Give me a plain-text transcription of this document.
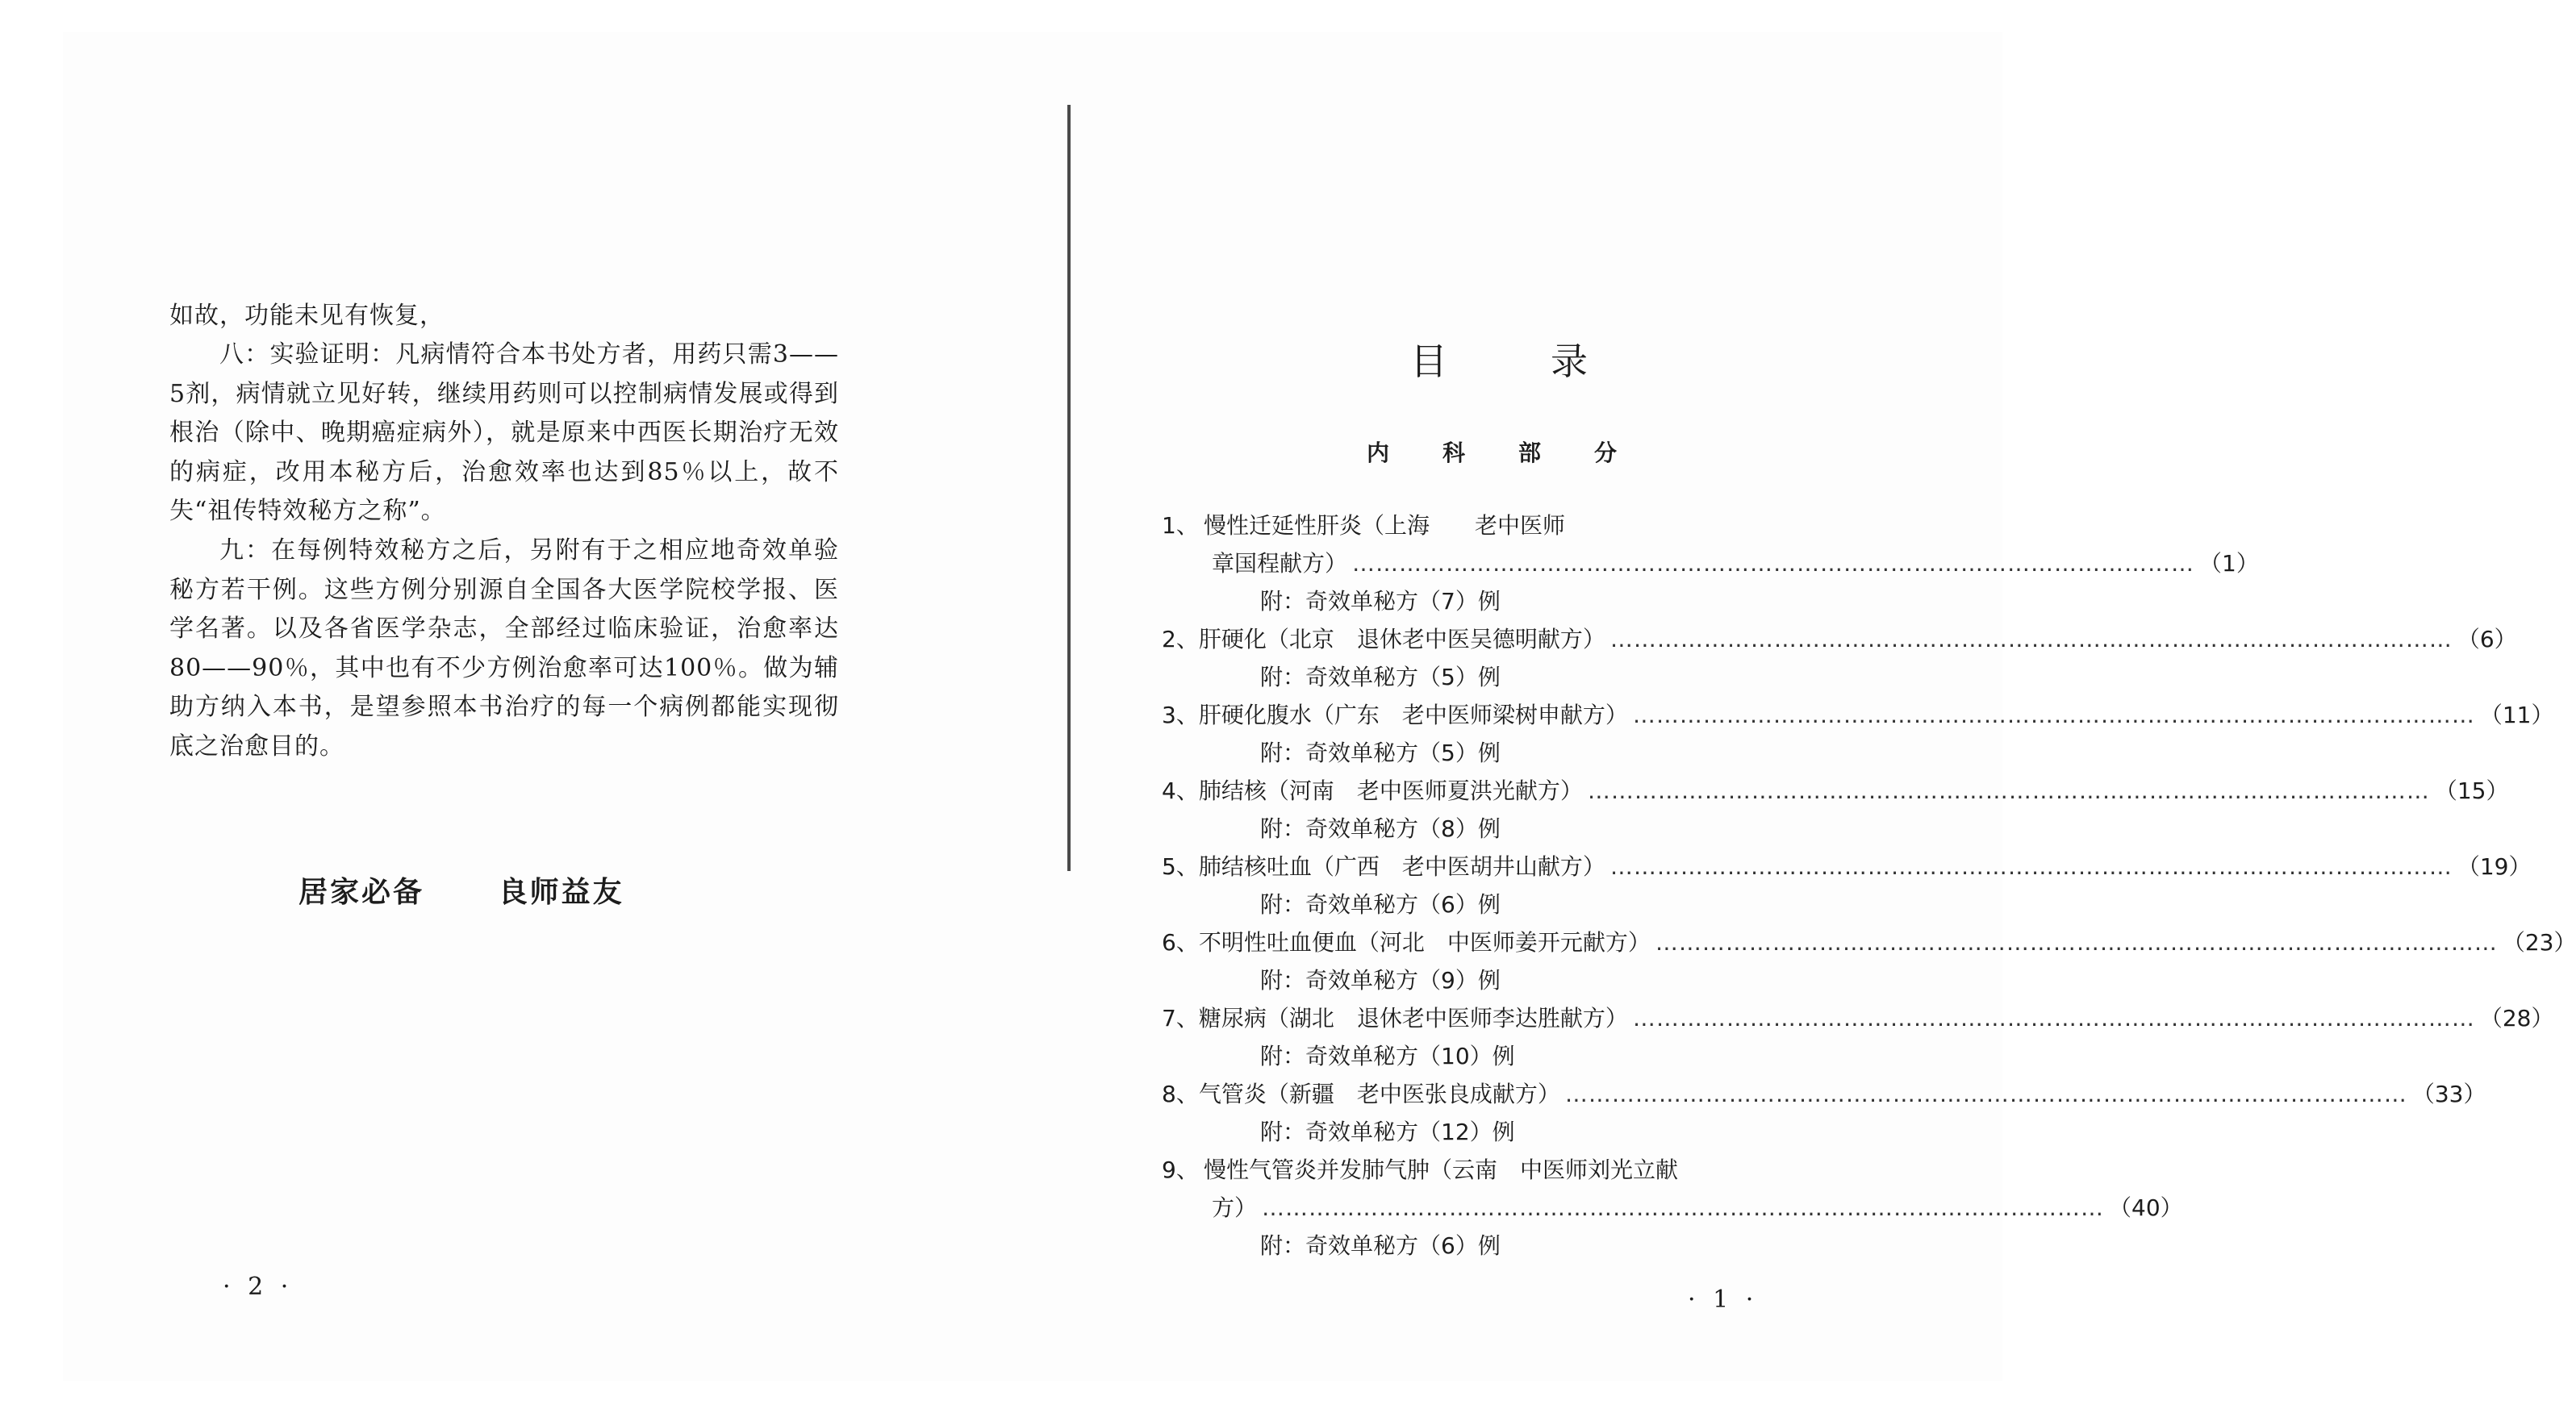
如故，功能未见有恢复，

八：实验证明：凡病情符合本书处方者，用药只需3——5剂，病情就立见好转，继续用药则可以控制病情发展或得到根治（除中、晚期癌症病外），就是原来中西医长期治疗无效的病症，改用本秘方后，治愈效率也达到85％以上，故不失“祖传特效秘方之称”。

九：在每例特效秘方之后，另附有于之相应地奇效单验秘方若干例。这些方例分别源自全国各大医学院校学报、医学名著。以及各省医学杂志，全部经过临床验证，治愈率达80——90％，其中也有不少方例治愈率可达100％。做为辅助方纳入本书，是望参照本书治疗的每一个病例都能实现彻底之治愈目的。

居家必备	良师益友
· 2 ·
目	录
内 科 部 分
1、 慢性迁延性肝炎（上海　　老中医师
章国程献方） ……………………………………………………………………………………………… （1）
附：奇效单秘方（7）例
2、 肝硬化（北京　退休老中医吴德明献方） ……………………………………………………………………………………………… （6）
附：奇效单秘方（5）例
3、 肝硬化腹水（广东　老中医师梁树申献方） ……………………………………………………………………………………………… （11）
附：奇效单秘方（5）例
4、 肺结核（河南　老中医师夏洪光献方） ……………………………………………………………………………………………… （15）
附：奇效单秘方（8）例
5、 肺结核吐血（广西　老中医胡井山献方） ……………………………………………………………………………………………… （19）
附：奇效单秘方（6）例
6、 不明性吐血便血（河北　中医师姜开元献方） ……………………………………………………………………………………………… （23）
附：奇效单秘方（9）例
7、 糖尿病（湖北　退休老中医师李达胜献方） ……………………………………………………………………………………………… （28）
附：奇效单秘方（10）例
8、 气管炎（新疆　老中医张良成献方） ……………………………………………………………………………………………… （33）
附：奇效单秘方（12）例
9、 慢性气管炎并发肺气肿（云南　中医师刘光立献
方） ……………………………………………………………………………………………… （40）
附：奇效单秘方（6）例
· 1 ·
